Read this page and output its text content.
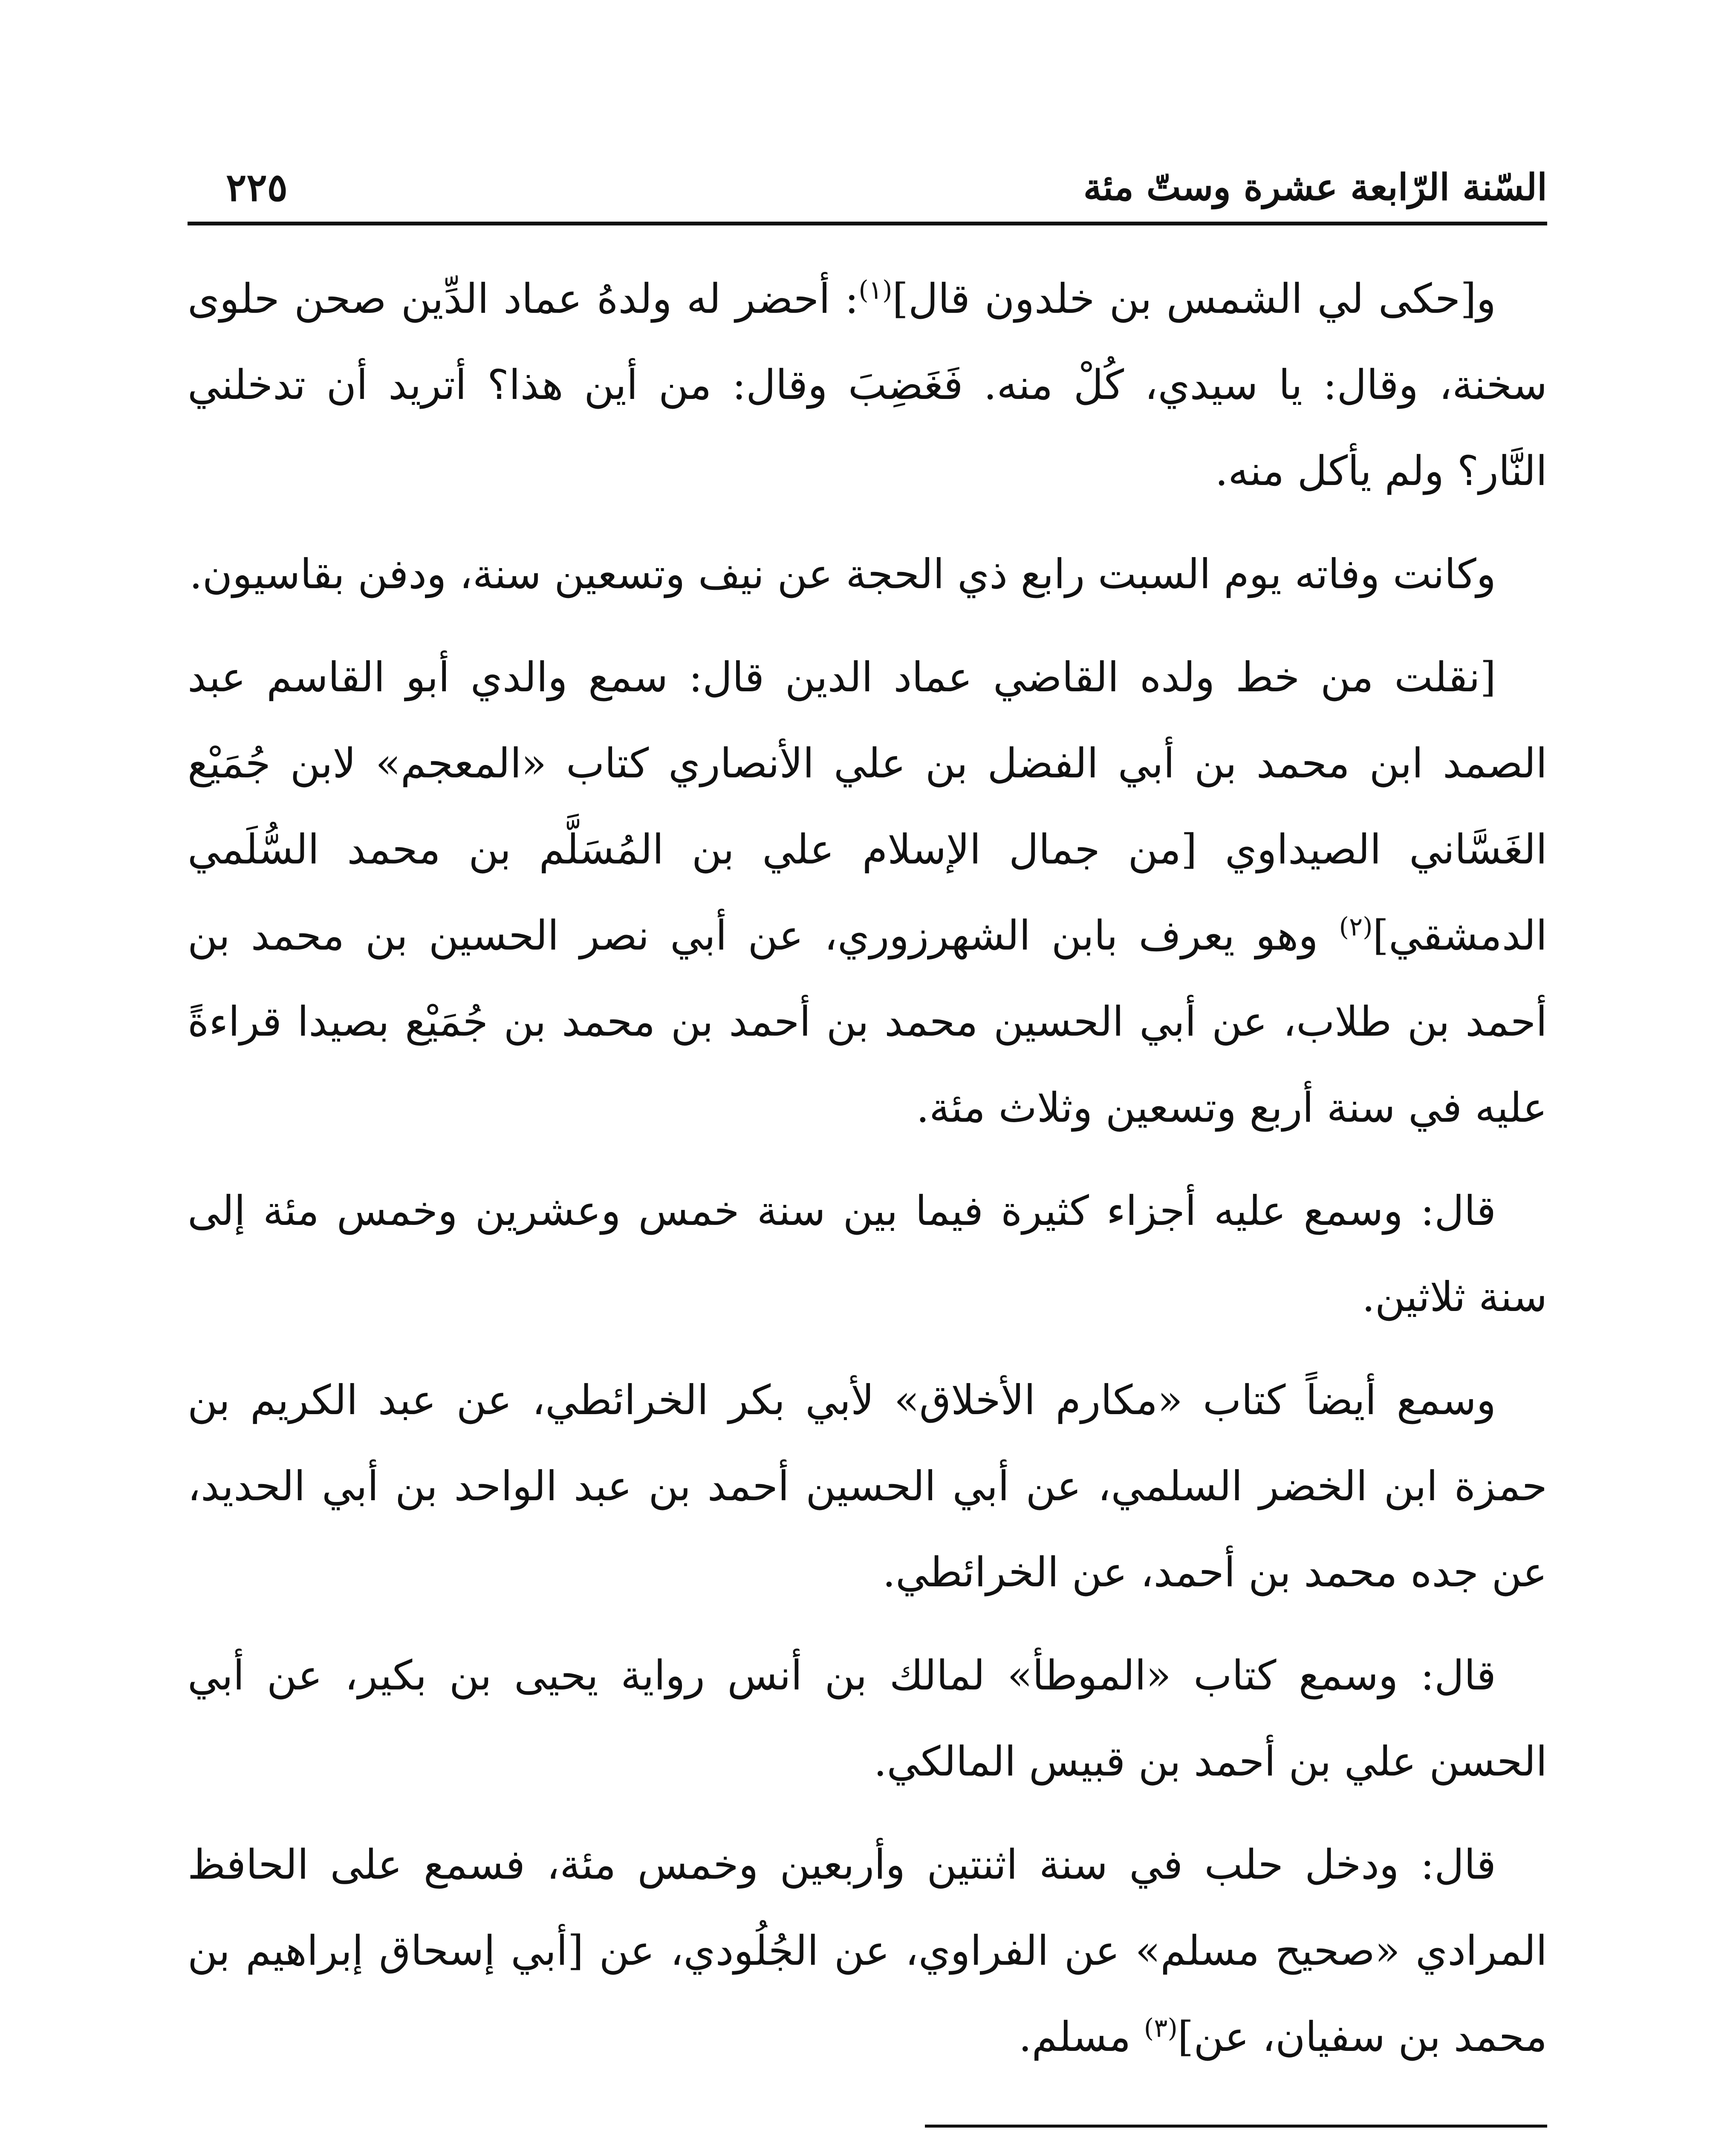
السّنة الرّابعة عشرة وستّ مئة
٢٢٥

و[حكى لي الشمس بن خلدون قال]$^{(١)}$: أحضر له ولدهُ عماد الدِّين صحن حلوى سخنة، وقال: يا سيدي، كُلْ منه. فَغَضِبَ وقال: من أين هذا؟ أتريد أن تدخلني النَّار؟ ولم يأكل منه.

وكانت وفاته يوم السبت رابع ذي الحجة عن نيف وتسعين سنة، ودفن بقاسيون.

[نقلت من خط ولده القاضي عماد الدين قال: سمع والدي أبو القاسم عبد الصمد ابن محمد بن أبي الفضل بن علي الأنصاري كتاب «المعجم» لابن جُمَيْع الغَسَّاني الصيداوي [من جمال الإسلام علي بن المُسَلَّم بن محمد السُّلَمي الدمشقي]$^{(٢)}$ وهو يعرف بابن الشهرزوري، عن أبي نصر الحسين بن محمد بن أحمد بن طلاب، عن أبي الحسين محمد بن أحمد بن محمد بن جُمَيْع بصيدا قراءةً عليه في سنة أربع وتسعين وثلاث مئة.

قال: وسمع عليه أجزاء كثيرة فيما بين سنة خمس وعشرين وخمس مئة إلى سنة ثلاثين.

وسمع أيضاً كتاب «مكارم الأخلاق» لأبي بكر الخرائطي، عن عبد الكريم بن حمزة ابن الخضر السلمي، عن أبي الحسين أحمد بن عبد الواحد بن أبي الحديد، عن جده محمد بن أحمد، عن الخرائطي.

قال: وسمع كتاب «الموطأ» لمالك بن أنس رواية يحيى بن بكير، عن أبي الحسن علي بن أحمد بن قبيس المالكي.

قال: ودخل حلب في سنة اثنتين وأربعين وخمس مئة، فسمع على الحافظ المرادي «صحيح مسلم» عن الفراوي، عن الجُلُودي، عن [أبي إسحاق إبراهيم بن محمد بن سفيان، عن]$^{(٣)}$ مسلم.
